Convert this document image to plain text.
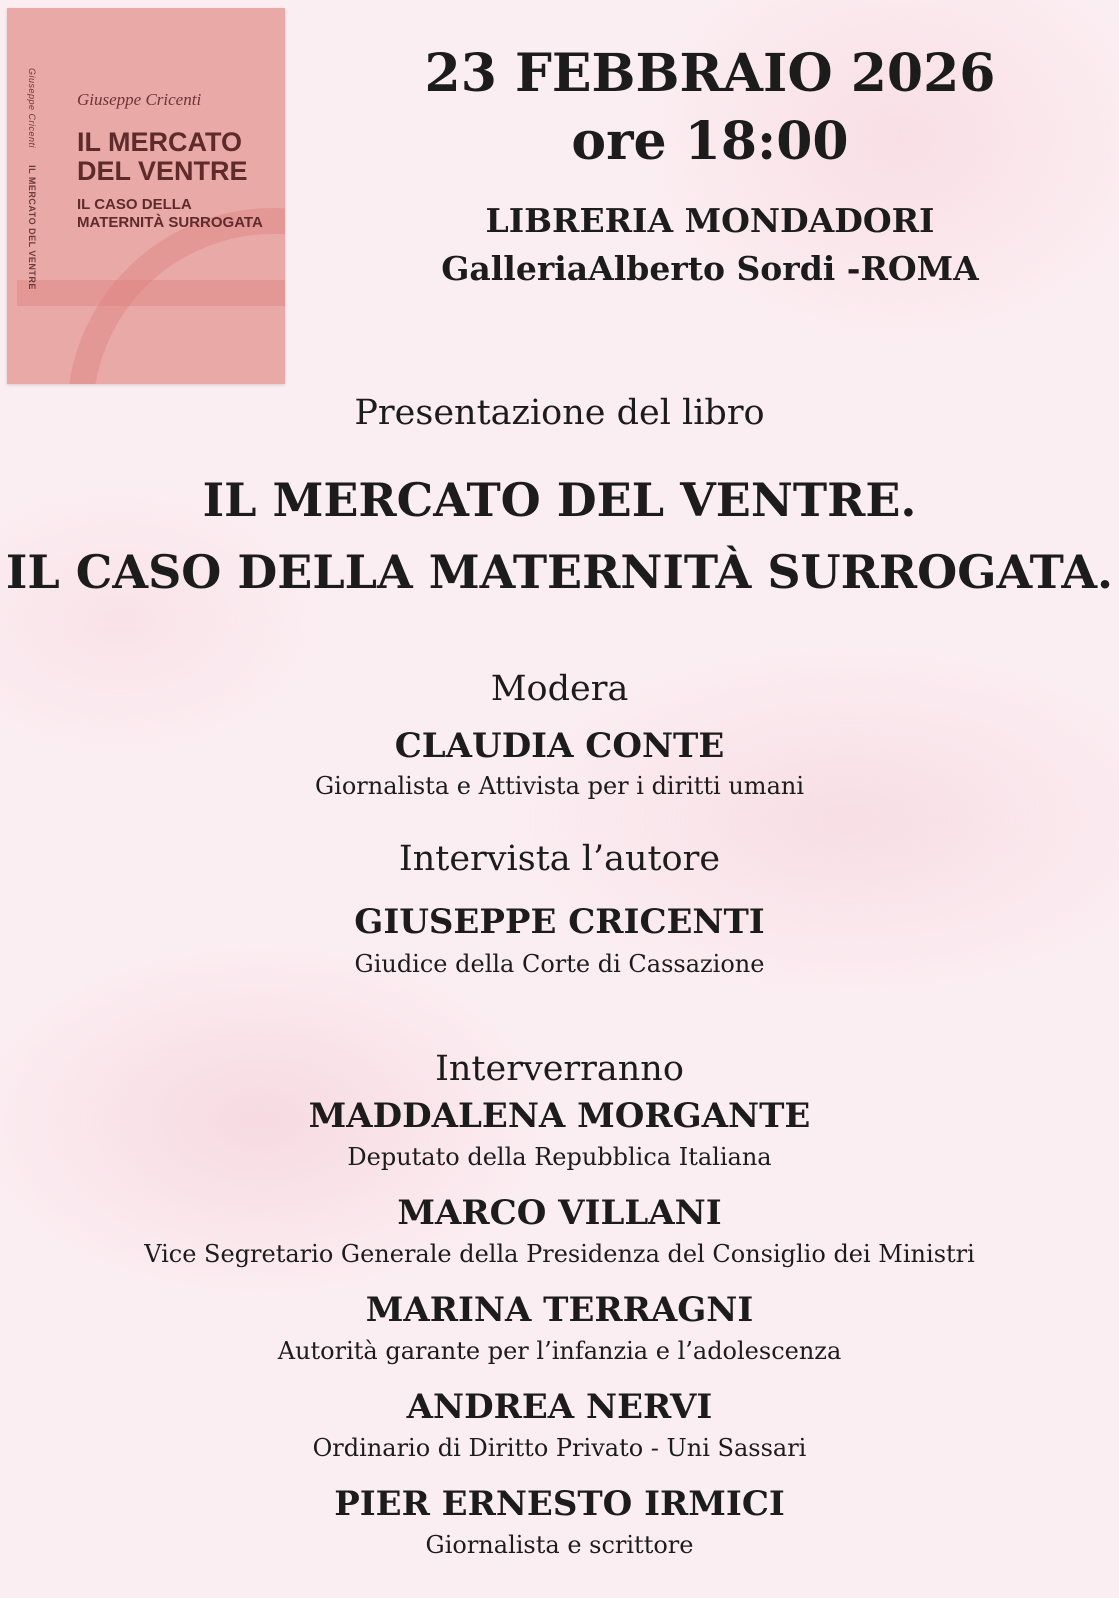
Giuseppe Cricenti IL MERCATO DEL VENTRE
Giuseppe Cricenti
IL MERCATO
DEL VENTRE
IL CASO DELLA
MATERNITÀ SURROGATA
23 FEBBRAIO 2026
ore 18:00
LIBRERIA MONDADORI
GalleriaAlberto Sordi -ROMA
Presentazione del libro
IL MERCATO DEL VENTRE.
IL CASO DELLA MATERNITÀ SURROGATA.
Modera
CLAUDIA CONTE
Giornalista e Attivista per i diritti umani
Intervista l’autore
GIUSEPPE CRICENTI
Giudice della Corte di Cassazione
Interverranno
MADDALENA MORGANTE
Deputato della Repubblica Italiana
MARCO VILLANI
Vice Segretario Generale della Presidenza del Consiglio dei Ministri
MARINA TERRAGNI
Autorità garante per l’infanzia e l’adolescenza
ANDREA NERVI
Ordinario di Diritto Privato - Uni Sassari
PIER ERNESTO IRMICI
Giornalista e scrittore
